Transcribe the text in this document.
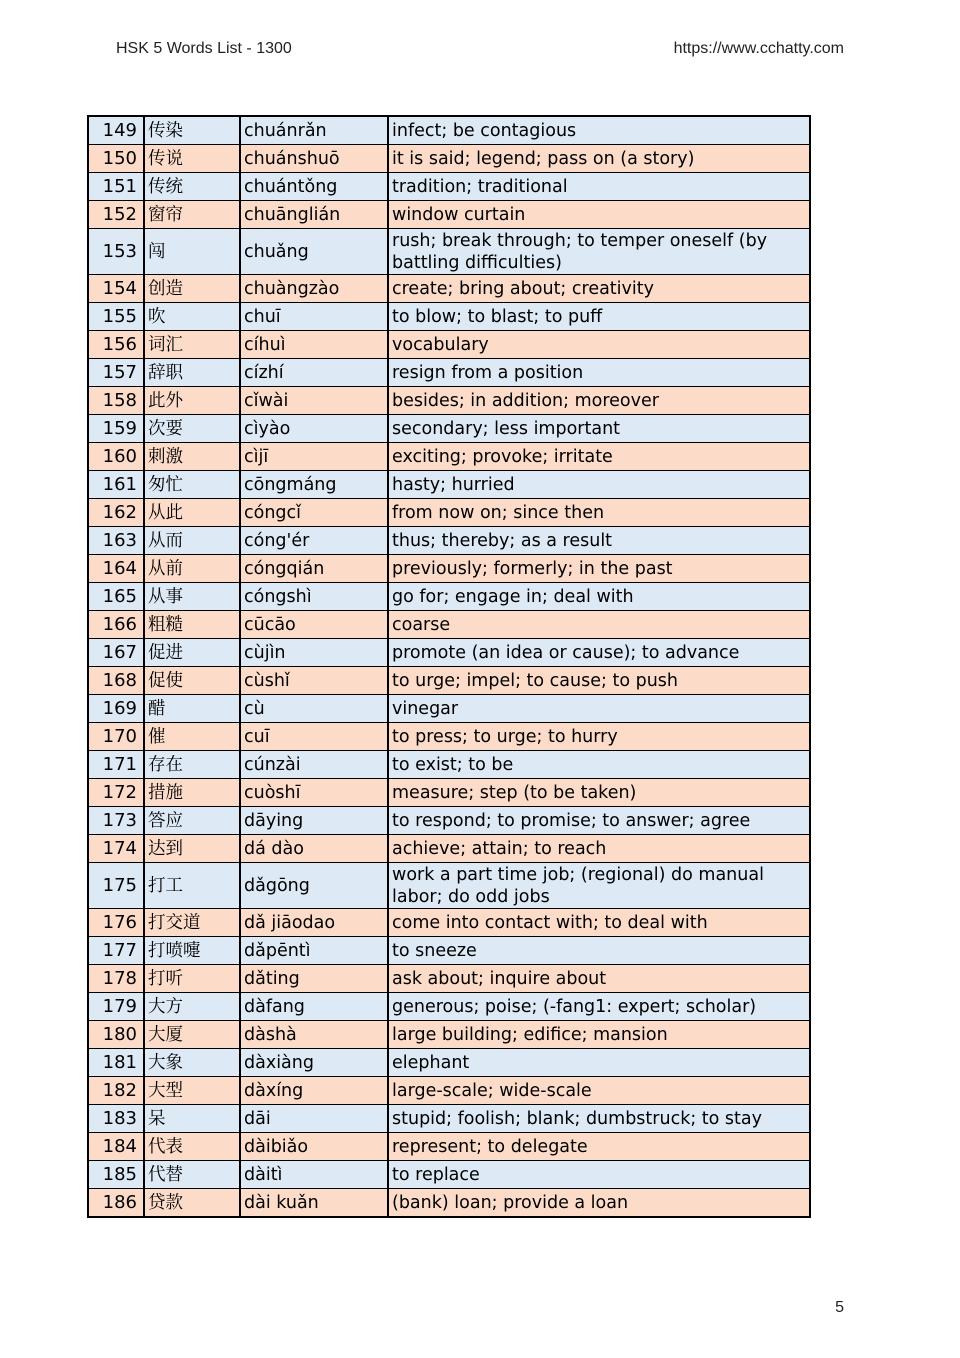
HSK 5 Words List - 1300	https://www.cchatty.com
149	传染	chuánrǎn	infect; be contagious
150	传说	chuánshuō	it is said; legend; pass on (a story)
151	传统	chuántǒng	tradition; traditional
152	窗帘	chuānglián	window curtain
153	闯	chuǎng	rush; break through; to temper oneself (by battling difficulties)
154	创造	chuàngzào	create; bring about; creativity
155	吹	chuī	to blow; to blast; to puff
156	词汇	cíhuì	vocabulary
157	辞职	cízhí	resign from a position
158	此外	cǐwài	besides; in addition; moreover
159	次要	cìyào	secondary; less important
160	刺激	cìjī	exciting; provoke; irritate
161	匆忙	cōngmáng	hasty; hurried
162	从此	cóngcǐ	from now on; since then
163	从而	cóng'ér	thus; thereby; as a result
164	从前	cóngqián	previously; formerly; in the past
165	从事	cóngshì	go for; engage in; deal with
166	粗糙	cūcāo	coarse
167	促进	cùjìn	promote (an idea or cause); to advance
168	促使	cùshǐ	to urge; impel; to cause; to push
169	醋	cù	vinegar
170	催	cuī	to press; to urge; to hurry
171	存在	cúnzài	to exist; to be
172	措施	cuòshī	measure; step (to be taken)
173	答应	dāying	to respond; to promise; to answer; agree
174	达到	dá dào	achieve; attain; to reach
175	打工	dǎgōng	work a part time job; (regional) do manual labor; do odd jobs
176	打交道	dǎ jiāodao	come into contact with; to deal with
177	打喷嚏	dǎpēntì	to sneeze
178	打听	dǎting	ask about; inquire about
179	大方	dàfang	generous; poise; (-fang1: expert; scholar)
180	大厦	dàshà	large building; edifice; mansion
181	大象	dàxiàng	elephant
182	大型	dàxíng	large-scale; wide-scale
183	呆	dāi	stupid; foolish; blank; dumbstruck; to stay
184	代表	dàibiǎo	represent; to delegate
185	代替	dàitì	to replace
186	贷款	dài kuǎn	(bank) loan; provide a loan
5
